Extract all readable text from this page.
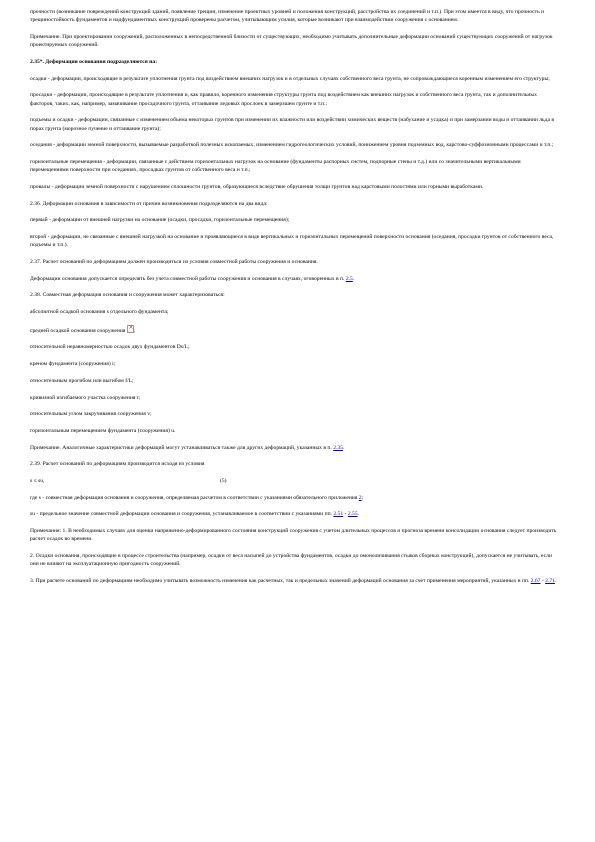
прочности (возникание повреждений конструкций зданий, появление трещин, изменение проектных уровней и положения конструкций, расстройства их соединений и т.п.). При этом имеется в виду, что прочность и трещиностойкость фундаментов и надфундаментных конструкций проверены расчетом, учитывающим усилия, которые возникают при взаимодействии сооружения с основанием.

Примечание. При проектировании сооружений, расположенных в непосредственной близости от существующих, необходимо учитывать дополнительные деформации оснований существующих сооружений от нагрузок проектируемых сооружений.

2.35*. Деформации основания подразделяются на:

осадки - деформации, происходящие в результате уплотнения грунта под воздействием внешних нагрузок и в отдельных случаях собственного веса грунта, не сопровождающиеся коренным изменением его структуры;

просадки - деформации, происходящие в результате уплотнения и, как правило, коренного изменения структуры грунта под воздействием как внешних нагрузок и собственного веса грунта, так и дополнительных факторов, таких, как, например, замачивание просадочного грунта, оттаивание ледовых прослоек в замерзшем грунте и т.п.;

подъемы и осадки - деформации, связанные с изменением объема некоторых грунтов при изменении их влажности или воздействии химических веществ (набухание и усадка) и при замерзании воды и оттаивании льда в порах грунта (морозное пучение и оттаивание грунта);

оседания - деформации земной поверхности, вызываемые разработкой полезных ископаемых, изменением гидрогеологических условий, понижением уровня подземных вод, карстово-суффозионными процессами и т.п.;

горизонтальные перемещения - деформации, связанные с действием горизонтальных нагрузок на основание (фундаменты распорных систем, подпорные стены и т.д.) или со значительными вертикальными перемещениями поверхности при оседаниях, просадках грунтов от собственного веса и т.п.;

провалы - деформации земной поверхности с нарушением сплошности грунтов, образующиеся вследствие обрушения толщи грунтов над карстовыми полостями или горными выработками.

2.36. Деформации основания в зависимости от причин возникновения подразделяются на два вида:

первый - деформации от внешней нагрузки на основание (осадки, просадки, горизонтальные перемещения);

второй - деформации, не связанные с внешней нагрузкой на основание и проявляющиеся в виде вертикальных и горизонтальных перемещений поверхности основания (оседания, просадки грунтов от собственного веса, подъемы и т.п.).

2.37. Расчет оснований по деформациям должен производиться из условия совместной работы сооружения и основания.

Деформации основания допускается определять без учета совместной работы сооружения и основания в случаях, оговоренных в п. 2.5.

2.38. Совместная деформация основания и сооружения может характеризоваться:

абсолютной осадкой основания s отдельного фундамента;

средней осадкой основания сооружения ×;

относительной неравномерностью осадок двух фундаментов Ds/L;

креном фундамента (сооружения) i;

относительным прогибом или выгибом f/L;

кривизной изгибаемого участка сооружения r;

относительным углом закручивания сооружения v;

горизонтальным перемещением фундамента (сооружения) u.

Примечание. Аналогичные характеристики деформаций могут устанавливаться также для других деформаций, указанных в п. 2.35.

2.39. Расчет оснований по деформациям производится исходя из условия

s ≤ su,	(5)

где s - совместная деформация основания и сооружения, определяемая расчетом в соответствии с указаниями обязательного приложения 2;

su - предельное значение совместной деформации основания и сооружения, устанавливаемое в соответствии с указаниями пп. 2.51 - 2.55.

Примечания: 1. В необходимых случаях для оценки напряженно-деформированного состояния конструкций сооружения с учетом длительных процессов и прогноза времени консолидации основания следует производить расчет осадок во времени.

2. Осадки основания, происходящие в процессе строительства (например, осадки от веса насыпей до устройства фундаментов, осадки до омоноличивания стыков сборных конструкций), допускается не учитывать, если они не влияют на эксплуатационную пригодность сооружений.

3. При расчете оснований по деформациям необходимо учитывать возможность изменения как расчетных, так и предельных значений деформаций основания за счет применения мероприятий, указанных в пп. 2.67 - 2.71.
